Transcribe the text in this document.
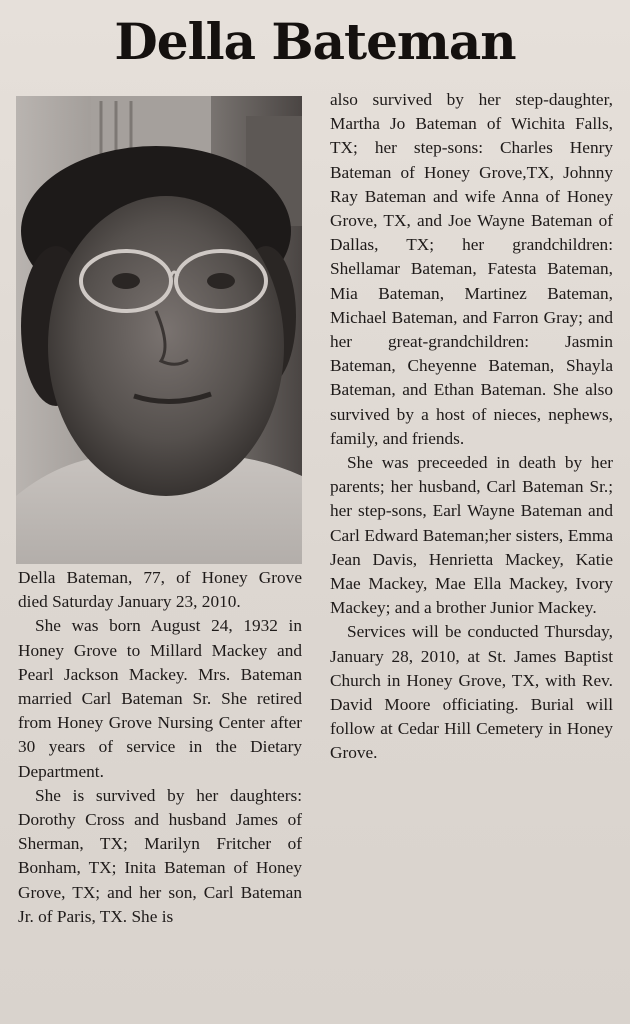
Della Bateman

Della Bateman, 77, of Honey Grove died Saturday January 23, 2010.

She was born August 24, 1932 in Honey Grove to Millard Mackey and Pearl Jackson Mackey. Mrs. Bateman married Carl Bateman Sr. She retired from Honey Grove Nursing Center after 30 years of service in the Dietary Department.

She is survived by her daughters: Dorothy Cross and husband James of Sherman, TX; Marilyn Fritcher of Bonham, TX; Inita Bateman of Honey Grove, TX; and her son, Carl Bateman Jr. of Paris, TX. She is

also survived by her step-daughter, Martha Jo Bateman of Wichita Falls, TX; her step-sons: Charles Henry Bateman of Honey Grove,TX, Johnny Ray Bateman and wife Anna of Honey Grove, TX, and Joe Wayne Bateman of Dallas, TX; her grandchildren: Shellamar Bateman, Fatesta Bateman, Mia Bateman, Martinez Bateman, Michael Bateman, and Farron Gray; and her great-grandchildren: Jasmin Bateman, Cheyenne Bateman, Shayla Bateman, and Ethan Bateman. She also survived by a host of nieces, nephews, family, and friends.

She was preceeded in death by her parents; her husband, Carl Bateman Sr.; her step-sons, Earl Wayne Bateman and Carl Edward Bateman;her sisters, Emma Jean Davis, Henrietta Mackey, Katie Mae Mackey, Mae Ella Mackey, Ivory Mackey; and a brother Junior Mackey.

Services will be conducted Thursday, January 28, 2010, at St. James Baptist Church in Honey Grove, TX, with Rev. David Moore officiating. Burial will follow at Cedar Hill Cemetery in Honey Grove.
